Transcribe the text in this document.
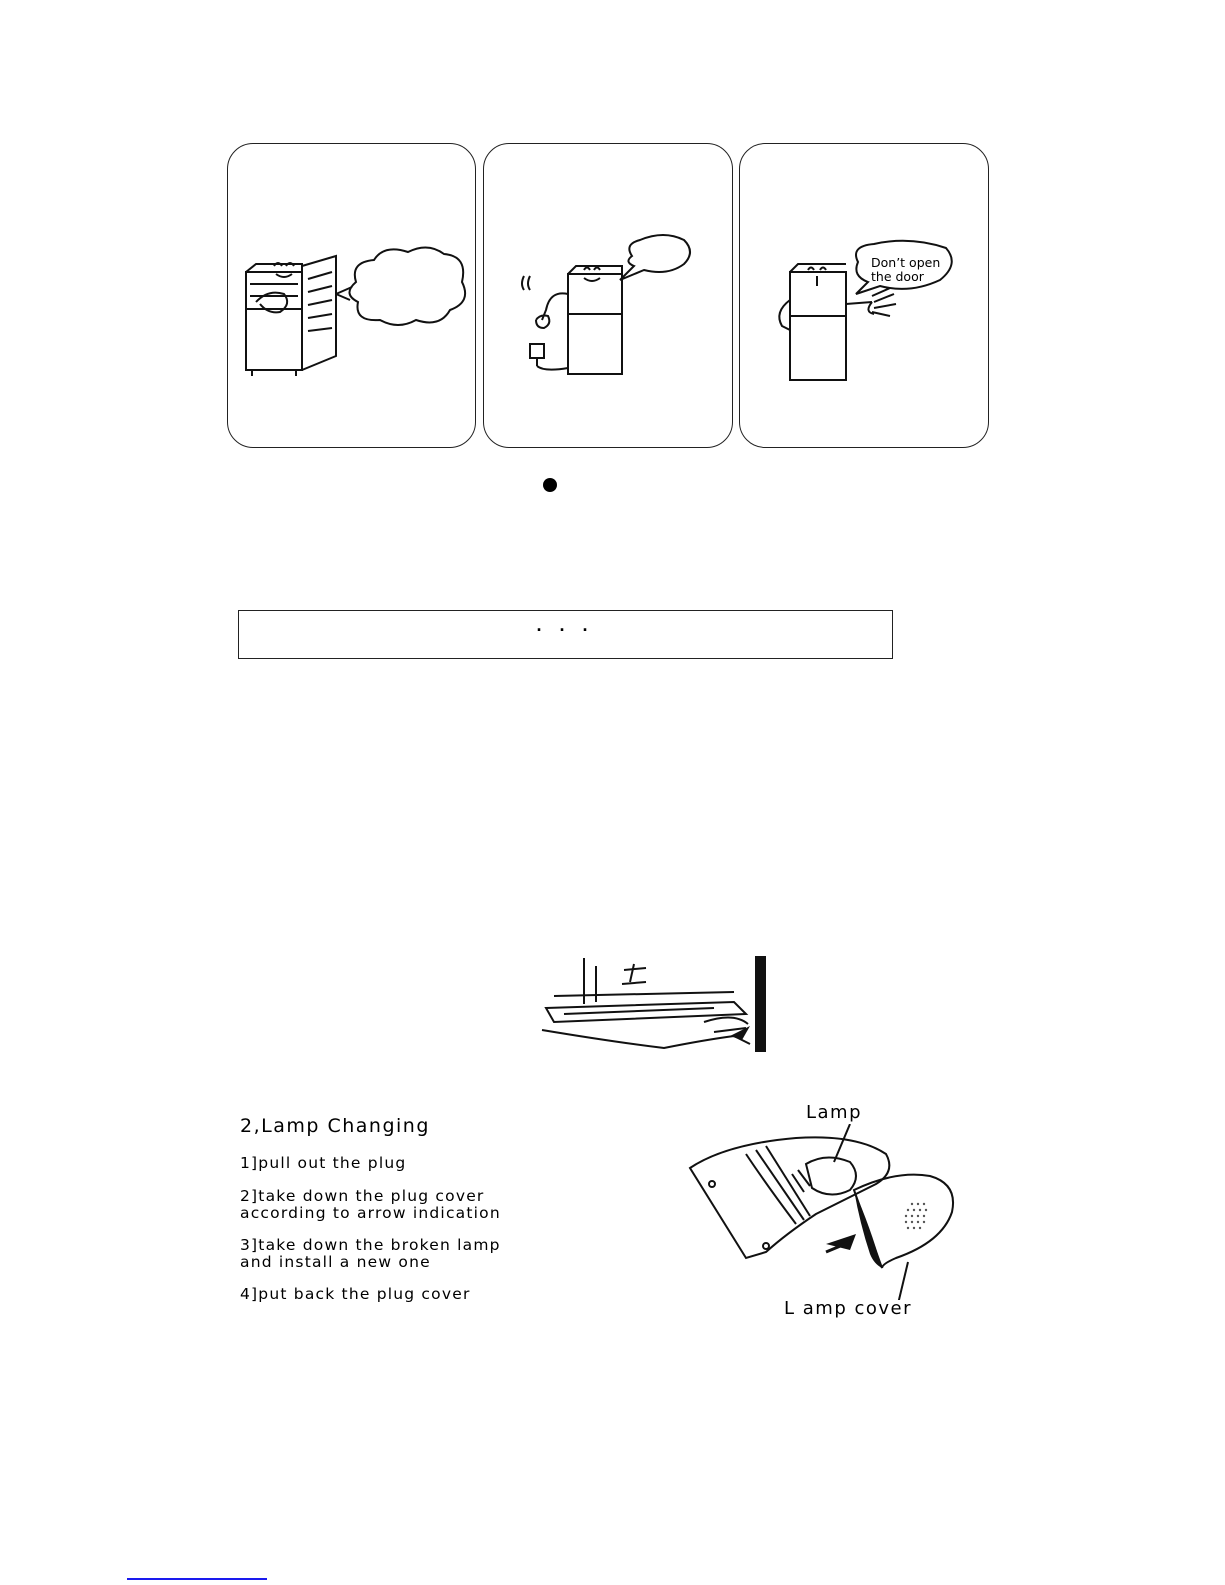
Don’t open
the door
· · ·
2,Lamp Changing
1]pull out the plug
2]take down the plug cover
according to arrow indication
3]take down the broken lamp
and install a new one
4]put back the plug cover
Lamp
L amp cover
